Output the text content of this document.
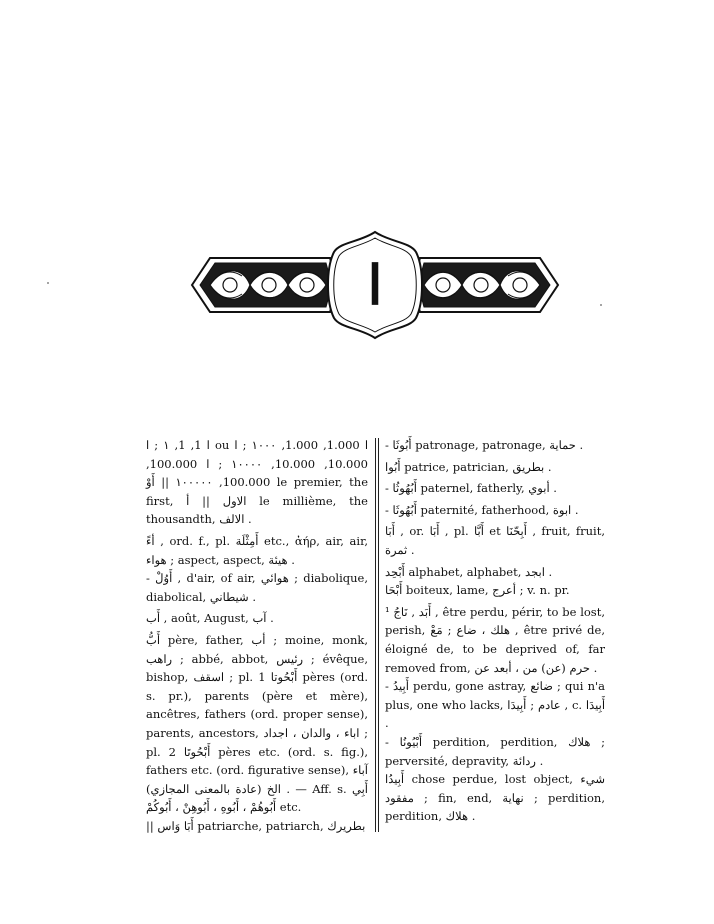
ا

ا 1, 1, ١ ; ا ou ا 1.000, 1.000, ١٠٠٠ ; ا 10.000, 10.000, ١٠٠٠٠ ; ا 100.000, 100.000, ١٠٠٠٠٠ || أَوْ le premier, the first, الاول || أ le millième, the thousandth, الالف .

أءً , ord. f., pl. أَمِثْلَة etc., ἀήρ, air, air, هواء ; aspect, aspect, هيئة .

- أَوُلْ , d'air, of air, هوائي ; diabolique, diabolical, شيطاني .

أَب , août, August, آب .

أَبُّ père, father, أب ; moine, monk, راهب ; abbé, abbot, رئيس ; évêque, bishop, اسقف ; pl. 1 أَبْحُوتا pères (ord. s. pr.), parents (père et mère), ancêtres, fathers (ord. proper sense), parents, ancestors, اباء ، والدان ، اجداد ; pl. 2 أَبْحُوتَا pères etc. (ord. s. fig.), fathers etc. (ord. figurative sense), آباء الخ (عادة بالمعنى المجازي) . — Aff. s. أَبِي أَبُوهُمْ ، أَبُوهِ ، أَبُوهِنْ ، أَبُوكُمْ etc.

|| أَبَا وَاس patriarche, patriarch, بطريرك

- أَبُوثَا patronage, patronage, حماية .

أَبُوا patrice, patrician, بطريق .

- أَبُهُوثُا paternel, fatherly, أبوي .

- أَبُهُوثَا paternité, fatherhood, ابوة .

أَبَا , or. أَبَا , pl. أَبَّا et أَبِحّنَا , fruit, fruit, ثمرة .

أَبْحِد alphabet, alphabet, ابجد .

أَبْحَا boiteux, lame, أعرج ; v. n. pr.

¹ أَبَد , نَاجُ , être perdu, périr, to be lost, perish, هلك ، ضاع ; مَعْ , être privé de, éloigné de, to be deprived of, far removed from, حرم (عن) من ، أبعد عن .

- أَبِيدُ perdu, gone astray, ضائع ; qui n'a plus, one who lacks, عادم ; أَبِيدَا , c. أَبِيدَا .

- أَبْيُونُا perdition, perdition, هلاك ; perversité, depravity, ردائة .

أَبِيدُا chose perdue, lost object, شيء مفقود ; fin, end, نهاية ; perdition, perdition, هلاك .
